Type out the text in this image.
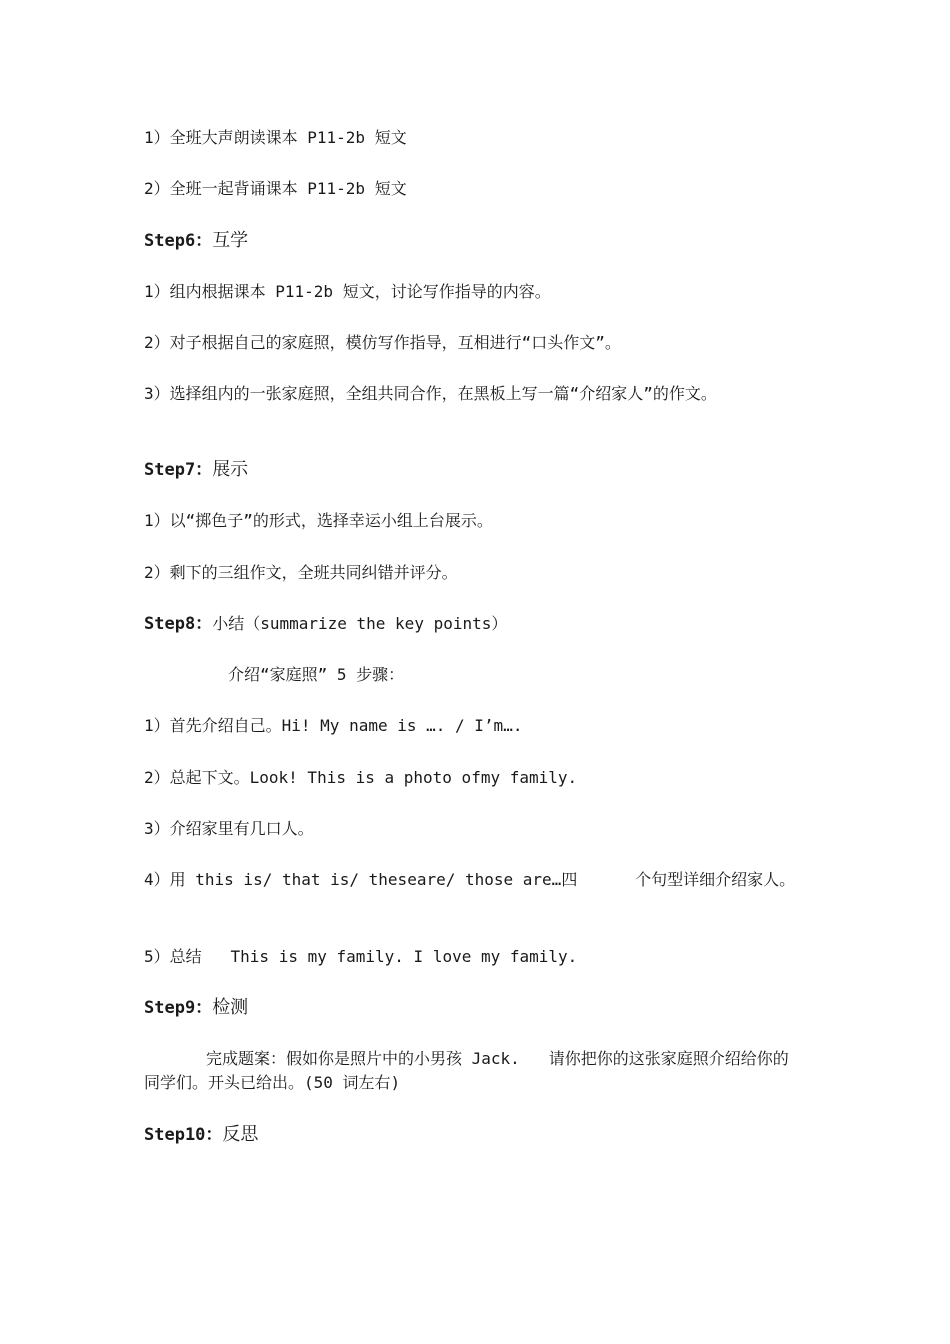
1）全班大声朗读课本 P11-2b 短文

2）全班一起背诵课本 P11-2b 短文

Step6：互学

1）组内根据课本 P11-2b 短文，讨论写作指导的内容。

2）对子根据自己的家庭照，模仿写作指导，互相进行“口头作文”。

3）选择组内的一张家庭照，全组共同合作，在黑板上写一篇“介绍家人”的作文。

Step7：展示

1）以“掷色子”的形式，选择幸运小组上台展示。

2）剩下的三组作文，全班共同纠错并评分。

Step8：小结（summarize the key points）

介绍“家庭照” 5 步骤：

1）首先介绍自己。Hi! My name is …. / I’m….

2）总起下文。Look! This is a photo ofmy family.

3）介绍家里有几口人。

4）用 this is/ that is/ theseare/ those are…四      个句型详细介绍家人。

5）总结   This is my family. I love my family.

Step9：检测

完成题案：假如你是照片中的小男孩 Jack.   请你把你的这张家庭照介绍给你的同学们。开头已给出。(50 词左右)

Step10：反思
